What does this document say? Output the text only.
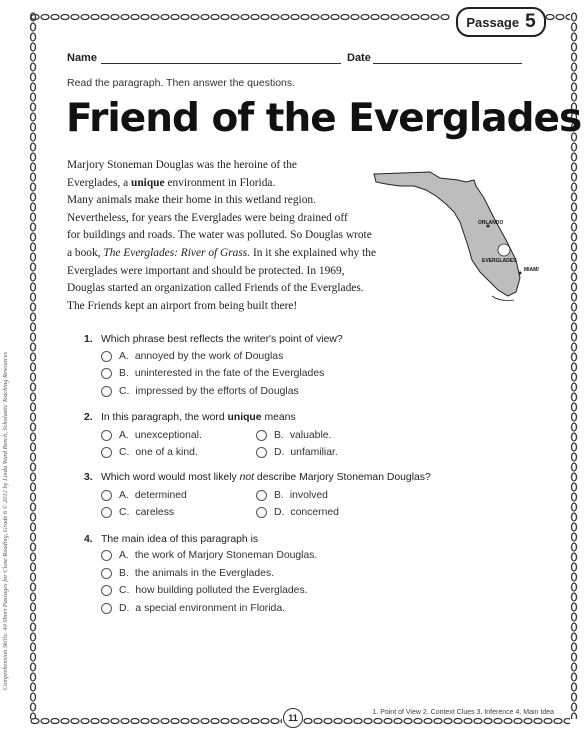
Passage 5
Name	Date
Read the paragraph. Then answer the questions.
Friend of the Everglades
Marjory Stoneman Douglas was the heroine of the
Everglades, a unique environment in Florida.
Many animals make their home in this wetland region.
Nevertheless, for years the Everglades were being drained off
for buildings and roads. The water was polluted. So Douglas wrote
a book, The Everglades: River of Grass. In it she explained why the
Everglades were important and should be protected. In 1969,
Douglas started an organization called Friends of the Everglades.
The Friends kept an airport from being built there!
ORLANDO
EVERGLADES
MIAMI
1. Which phrase best reflects the writer's point of view?
A. annoyed by the work of Douglas
B. uninterested in the fate of the Everglades
C. impressed by the efforts of Douglas
2. In this paragraph, the word unique means
A. unexceptional.	B. valuable.
C. one of a kind.	D. unfamiliar.
3. Which word would most likely not describe Marjory Stoneman Douglas?
A. determined	B. involved
C. careless	D. concerned
4. The main idea of this paragraph is
A. the work of Marjory Stoneman Douglas.
B. the animals in the Everglades.
C. how building polluted the Everglades.
D. a special environment in Florida.
1. Point of View 2. Context Clues 3. Inference 4. Main Idea
11
Comprehension Skills: 40 Short Passages for Close Reading, Grade 6 © 2012 by Linda Ward Beech, Scholastic Teaching Resources
